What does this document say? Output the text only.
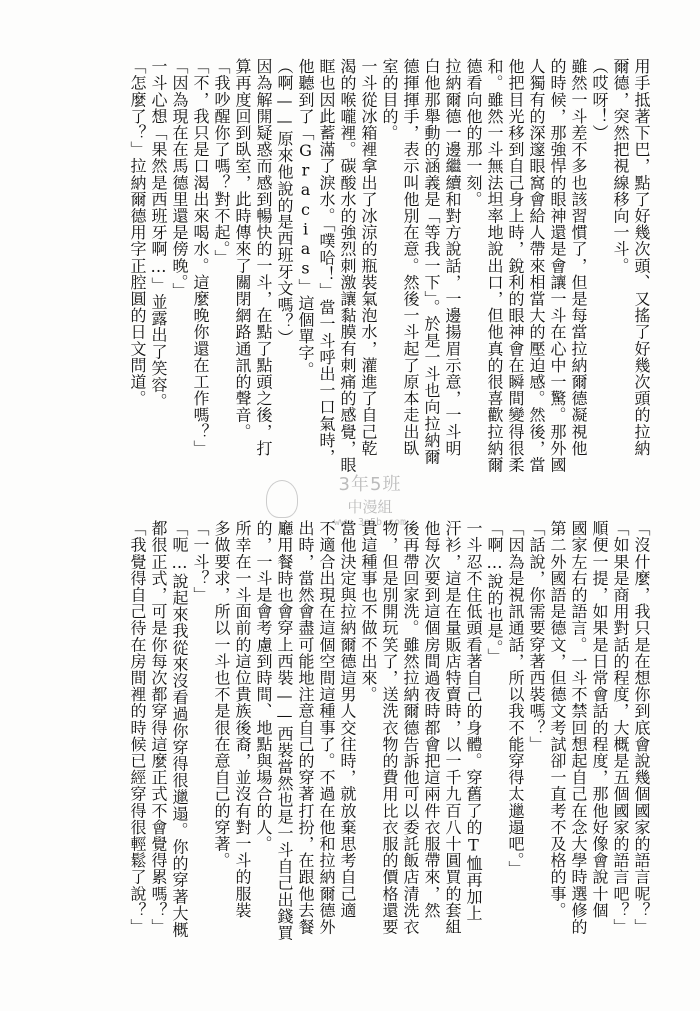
用手抵著下巴，點了好幾次頭、又搖了好幾次頭的拉納
爾德，突然把視線移向一斗。
（哎呀！）
雖然一斗差不多也該習慣了，但是每當拉納爾德凝視他
的時候，那強悍的眼神還是會讓一斗在心中一驚。那外國
人獨有的深邃眼窩會給人帶來相當大的壓迫感。然後，當
他把目光移到自己身上時，銳利的眼神會在瞬間變得很柔
和。雖然一斗無法坦率地說出口，但他真的很喜歡拉納爾
德看向他的那一刻。
拉納爾德一邊繼續和對方說話，一邊揚眉示意，一斗明
白他那舉動的涵義是「等我一下」。於是一斗也向拉納爾
德揮揮手，表示叫他別在意。然後一斗起了原本走出臥
室的目的。
一斗從冰箱裡拿出了冰涼的瓶裝氣泡水，灌進了自己乾
渴的喉嚨裡。碳酸水的強烈刺激讓黏膜有刺痛的感覺，眼
眶也因此蓄滿了淚水。「噗哈！」當一斗呼出一口氣時，
他聽到了「Gracias」這個單字。
（啊——原來他說的是西班牙文嗎？）
因為解開疑惑而感到暢快的一斗，在點了點頭之後，打
算再度回到臥室，此時傳來了關閉網路通訊的聲音。
「我吵醒你了嗎？對不起。」
「不，我只是口渴出來喝水。這麼晚你還在工作嗎？」
「因為現在在馬德里還是傍晚。」
一斗心想「果然是西班牙啊…」並露出了笑容。
「怎麼了？」拉納爾德用字正腔圓的日文問道。
3年5班
中漫組
www.3n5b.com	「沒什麼，我只是在想你到底會說幾個國家的語言呢？」
「如果是商用對話的程度，大概是五個國家的語言吧？」
順便一提，如果是日常會話的程度，那他好像會說十個
國家左右的語言。一斗不禁回想起自己在念大學時選修的
第二外國語是德文，但德文考試卻一直考不及格的事。
「話說，你需要穿著西裝嗎？」
「因為是視訊通話，所以我不能穿得太邋遢吧。」
「啊…說的也是。」
一斗忍不住低頭看著自己的身體。穿舊了的T恤再加上
汗衫，這是在量販店特賣時，以一千九百八十圓買的套組
他每次要到這個房間過夜時都會把這兩件衣服帶來，然
後再帶回家洗。雖然拉納爾德告訴他可以委託飯店清洗衣
物，但是別開玩笑了，送洗衣物的費用比衣服的價格還要
貴這種事也不做不出來。
當他決定與拉納爾德這男人交往時，就放棄思考自己適
不適合出現在這個空間這種事了。不過在他和拉納爾德外
出時，當然會盡可能地注意自己的穿著打扮，在跟他去餐
廳用餐時也會穿上西裝——西裝當然也是一斗自己出錢買
的，一斗是會考慮到時間、地點與場合的人。
所幸在一斗面前的這位貴族後裔，並沒有對一斗的服裝
多做要求，所以一斗也不是很在意自己的穿著。
「一斗？」
「呃…說起來我從來沒看過你穿得很邋遢。你的穿著大概
都很正式，可是你每次都穿得這麼正式不會覺得累嗎？」
「我覺得自己待在房間裡的時候已經穿得很輕鬆了說？」
